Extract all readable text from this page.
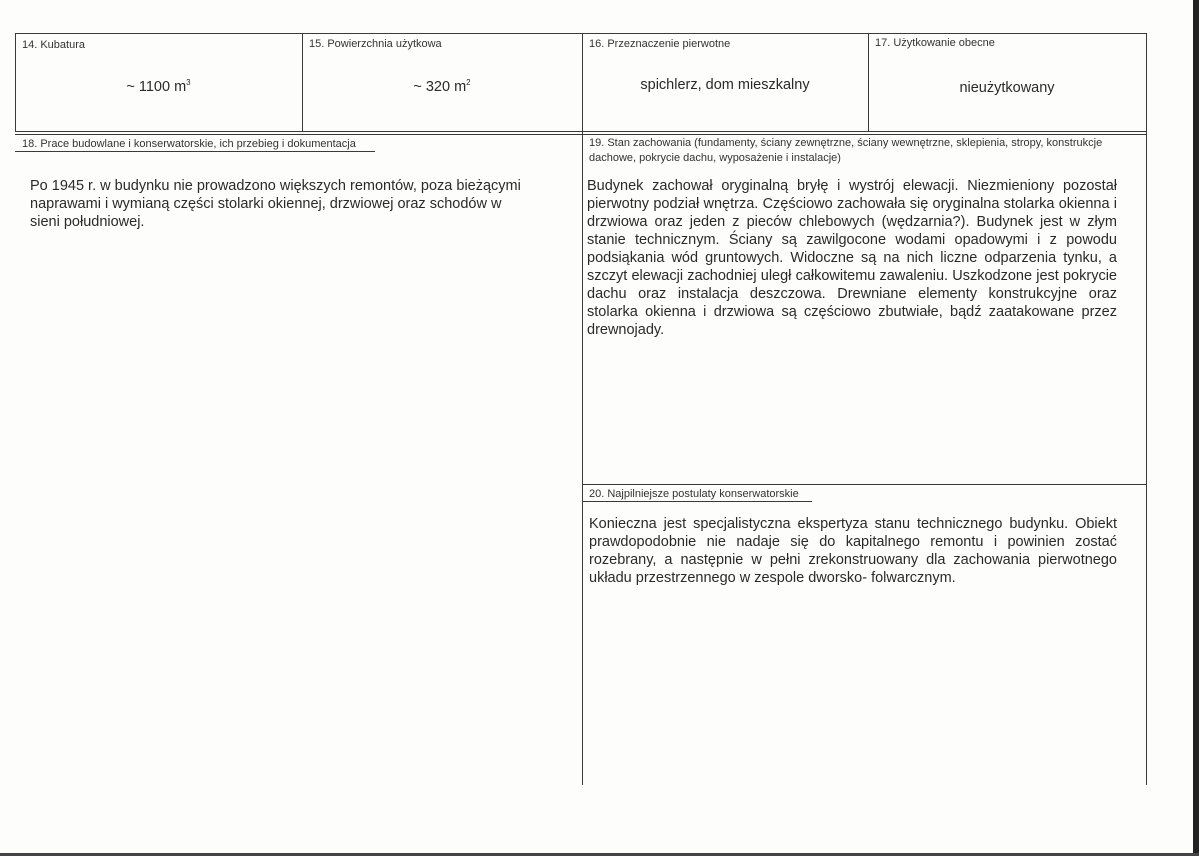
14. Kubatura
~ 1100 $m^3$
15. Powierzchnia użytkowa
~ 320 $m^2$
16. Przeznaczenie pierwotne
spichlerz, dom mieszkalny
17. Użytkowanie obecne
nieużytkowany
18. Prace budowlane i konserwatorskie, ich przebieg i dokumentacja
Po 1945 r. w budynku nie prowadzono większych remontów, poza bieżącymi naprawami i wymianą części stolarki okiennej, drzwiowej oraz schodów w sieni południowej.
19. Stan zachowania (fundamenty, ściany zewnętrzne, ściany wewnętrzne, sklepienia, stropy, konstrukcje dachowe, pokrycie dachu, wyposażenie i instalacje)
Budynek zachował oryginalną bryłę i wystrój elewacji. Niezmieniony pozostał pierwotny podział wnętrza. Częściowo zachowała się oryginalna stolarka okienna i drzwiowa oraz jeden z pieców chlebowych (wędzarnia?). Budynek jest w złym stanie technicznym. Ściany są zawilgocone wodami opadowymi i z powodu podsiąkania wód gruntowych. Widoczne są na nich liczne odparzenia tynku, a szczyt elewacji zachodniej uległ całkowitemu zawaleniu. Uszkodzone jest pokrycie dachu oraz instalacja deszczowa. Drewniane elementy konstrukcyjne oraz stolarka okienna i drzwiowa są częściowo zbutwiałe, bądź zaatakowane przez drewnojady.
20. Najpilniejsze postulaty konserwatorskie
Konieczna jest specjalistyczna ekspertyza stanu technicznego budynku. Obiekt prawdopodobnie nie nadaje się do kapitalnego remontu i powinien zostać rozebrany, a następnie w pełni zrekonstruowany dla zachowania pierwotnego układu przestrzennego w zespole dworsko- folwarcznym.
